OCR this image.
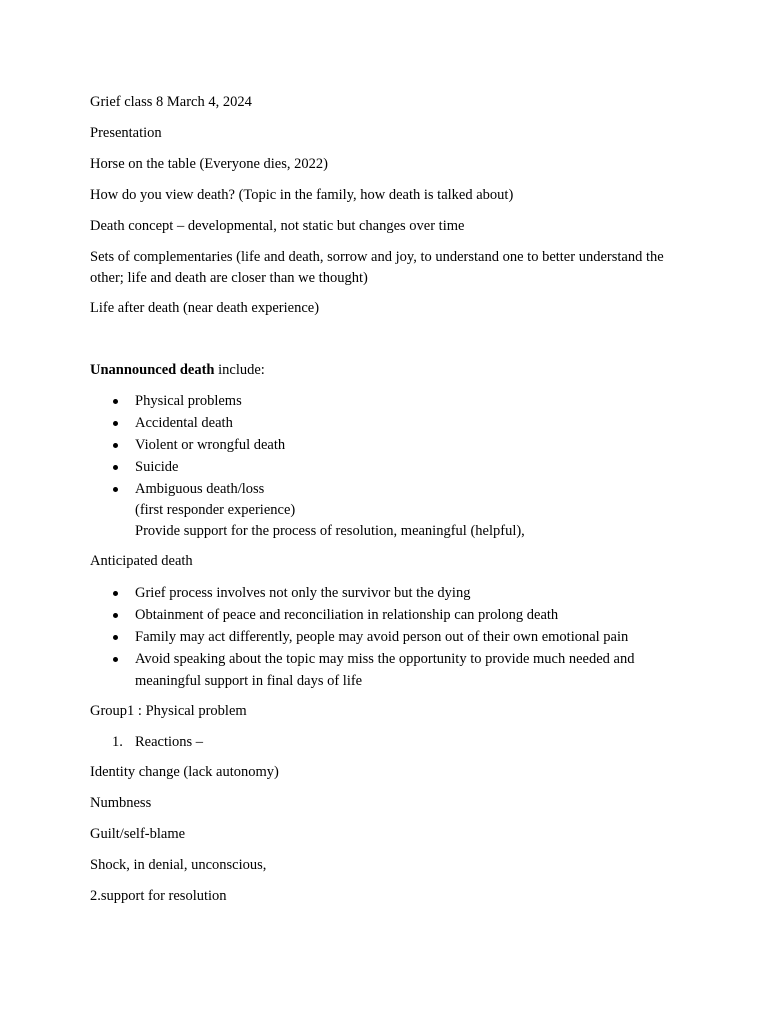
Grief class 8 March 4, 2024

Presentation

Horse on the table (Everyone dies, 2022)

How do you view death? (Topic in the family, how death is talked about)

Death concept – developmental, not static but changes over time

Sets of complementaries (life and death, sorrow and joy, to understand one to better understand the other; life and death are closer than we thought)

Life after death (near death experience)

Unannounced death include:

Physical problems
Accidental death
Violent or wrongful death
Suicide
Ambiguous death/loss
(first responder experience)
Provide support for the process of resolution, meaningful (helpful),

Anticipated death

Grief process involves not only the survivor but the dying
Obtainment of peace and reconciliation in relationship can prolong death
Family may act differently, people may avoid person out of their own emotional pain
Avoid speaking about the topic may miss the opportunity to provide much needed and meaningful support in final days of life

Group1 : Physical problem

1. Reactions –

Identity change (lack autonomy)

Numbness

Guilt/self-blame

Shock, in denial, unconscious,

2.support for resolution
